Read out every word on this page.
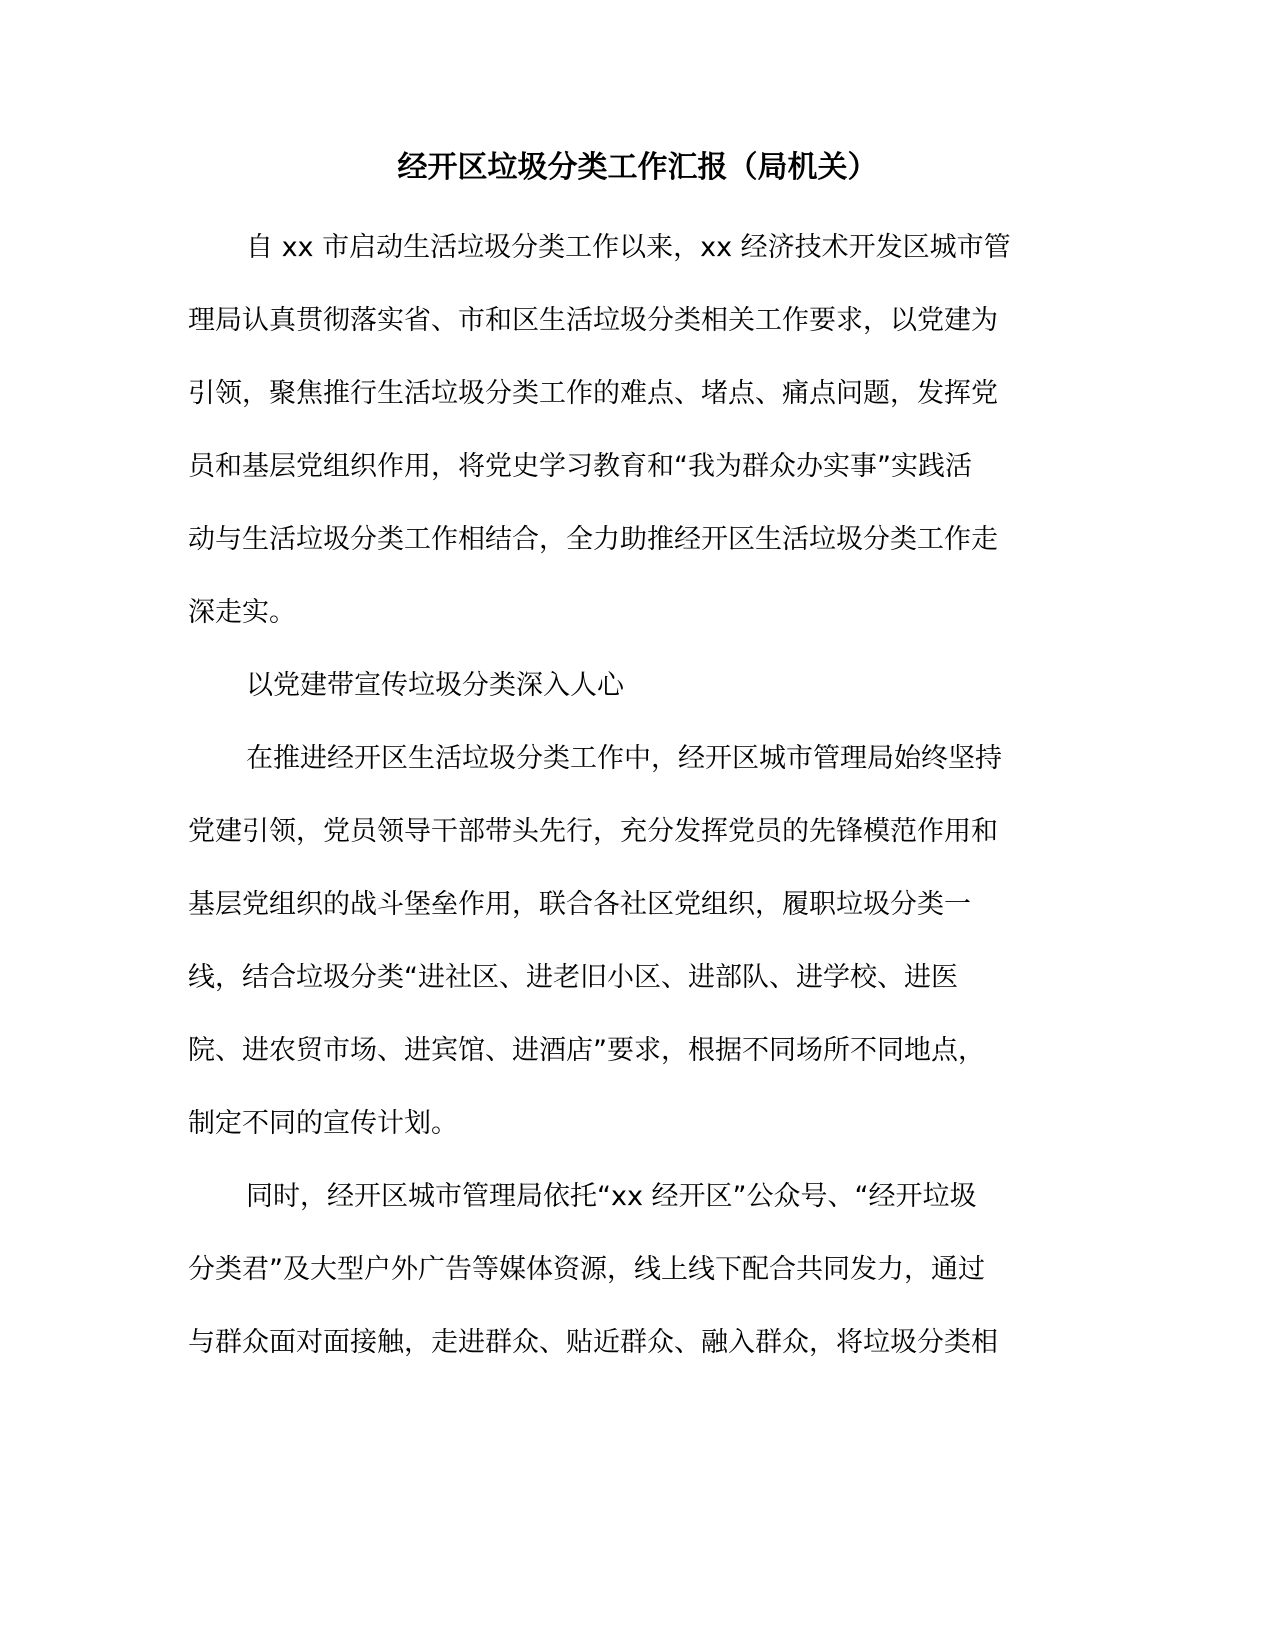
经开区垃圾分类工作汇报（局机关）
自 xx 市启动生活垃圾分类工作以来，xx 经济技术开发区城市管
理局认真贯彻落实省、市和区生活垃圾分类相关工作要求，以党建为
引领，聚焦推行生活垃圾分类工作的难点、堵点、痛点问题，发挥党
员和基层党组织作用，将党史学习教育和“我为群众办实事”实践活
动与生活垃圾分类工作相结合，全力助推经开区生活垃圾分类工作走
深走实。
以党建带宣传垃圾分类深入人心
在推进经开区生活垃圾分类工作中，经开区城市管理局始终坚持
党建引领，党员领导干部带头先行，充分发挥党员的先锋模范作用和
基层党组织的战斗堡垒作用，联合各社区党组织，履职垃圾分类一
线，结合垃圾分类“进社区、进老旧小区、进部队、进学校、进医
院、进农贸市场、进宾馆、进酒店”要求，根据不同场所不同地点，
制定不同的宣传计划。
同时，经开区城市管理局依托“xx 经开区”公众号、“经开垃圾
分类君”及大型户外广告等媒体资源，线上线下配合共同发力，通过
与群众面对面接触，走进群众、贴近群众、融入群众，将垃圾分类相
